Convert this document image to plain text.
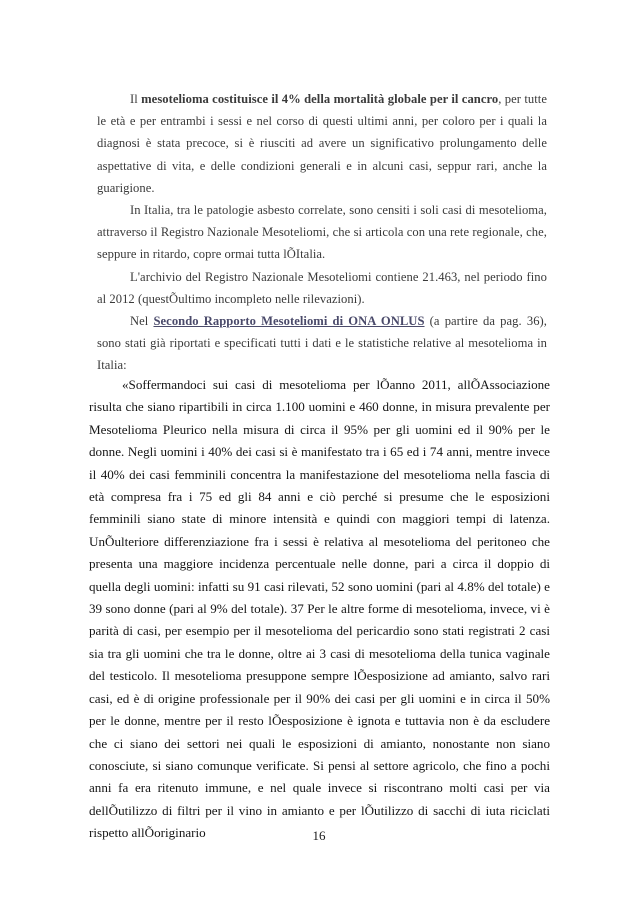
Il mesotelioma costituisce il 4% della mortalità globale per il cancro, per tutte le età e per entrambi i sessi e nel corso di questi ultimi anni, per coloro per i quali la diagnosi è stata precoce, si è riusciti ad avere un significativo prolungamento delle aspettative di vita, e delle condizioni generali e in alcuni casi, seppur rari, anche la guarigione.

In Italia, tra le patologie asbesto correlate, sono censiti i soli casi di mesotelioma, attraverso il Registro Nazionale Mesoteliomi, che si articola con una rete regionale, che, seppure in ritardo, copre ormai tutta lÕItalia.

L'archivio del Registro Nazionale Mesoteliomi contiene 21.463, nel periodo fino al 2012 (questÕultimo incompleto nelle rilevazioni).

Nel Secondo Rapporto Mesoteliomi di ONA ONLUS (a partire da pag. 36), sono stati già riportati e specificati tutti i dati e le statistiche relative al mesotelioma in Italia:

«Soffermandoci sui casi di mesotelioma per lÕanno 2011, allÕAssociazione risulta che siano ripartibili in circa 1.100 uomini e 460 donne, in misura prevalente per Mesotelioma Pleurico nella misura di circa il 95% per gli uomini ed il 90% per le donne. Negli uomini i 40% dei casi si è manifestato tra i 65 ed i 74 anni, mentre invece il 40% dei casi femminili concentra la manifestazione del mesotelioma nella fascia di età compresa fra i 75 ed gli 84 anni e ciò perché si presume che le esposizioni femminili siano state di minore intensità e quindi con maggiori tempi di latenza. UnÕulteriore differenziazione fra i sessi è relativa al mesotelioma del peritoneo che presenta una maggiore incidenza percentuale nelle donne, pari a circa il doppio di quella degli uomini: infatti su 91 casi rilevati, 52 sono uomini (pari al 4.8% del totale) e 39 sono donne (pari al 9% del totale). 37 Per le altre forme di mesotelioma, invece, vi è parità di casi, per esempio per il mesotelioma del pericardio sono stati registrati 2 casi sia tra gli uomini che tra le donne, oltre ai 3 casi di mesotelioma della tunica vaginale del testicolo. Il mesotelioma presuppone sempre lÕesposizione ad amianto, salvo rari casi, ed è di origine professionale per il 90% dei casi per gli uomini e in circa il 50% per le donne, mentre per il resto lÕesposizione è ignota e tuttavia non è da escludere che ci siano dei settori nei quali le esposizioni di amianto, nonostante non siano conosciute, si siano comunque verificate. Si pensi al settore agricolo, che fino a pochi anni fa era ritenuto immune, e nel quale invece si riscontrano molti casi per via dellÕutilizzo di filtri per il vino in amianto e per lÕutilizzo di sacchi di iuta riciclati rispetto allÕoriginario	16
